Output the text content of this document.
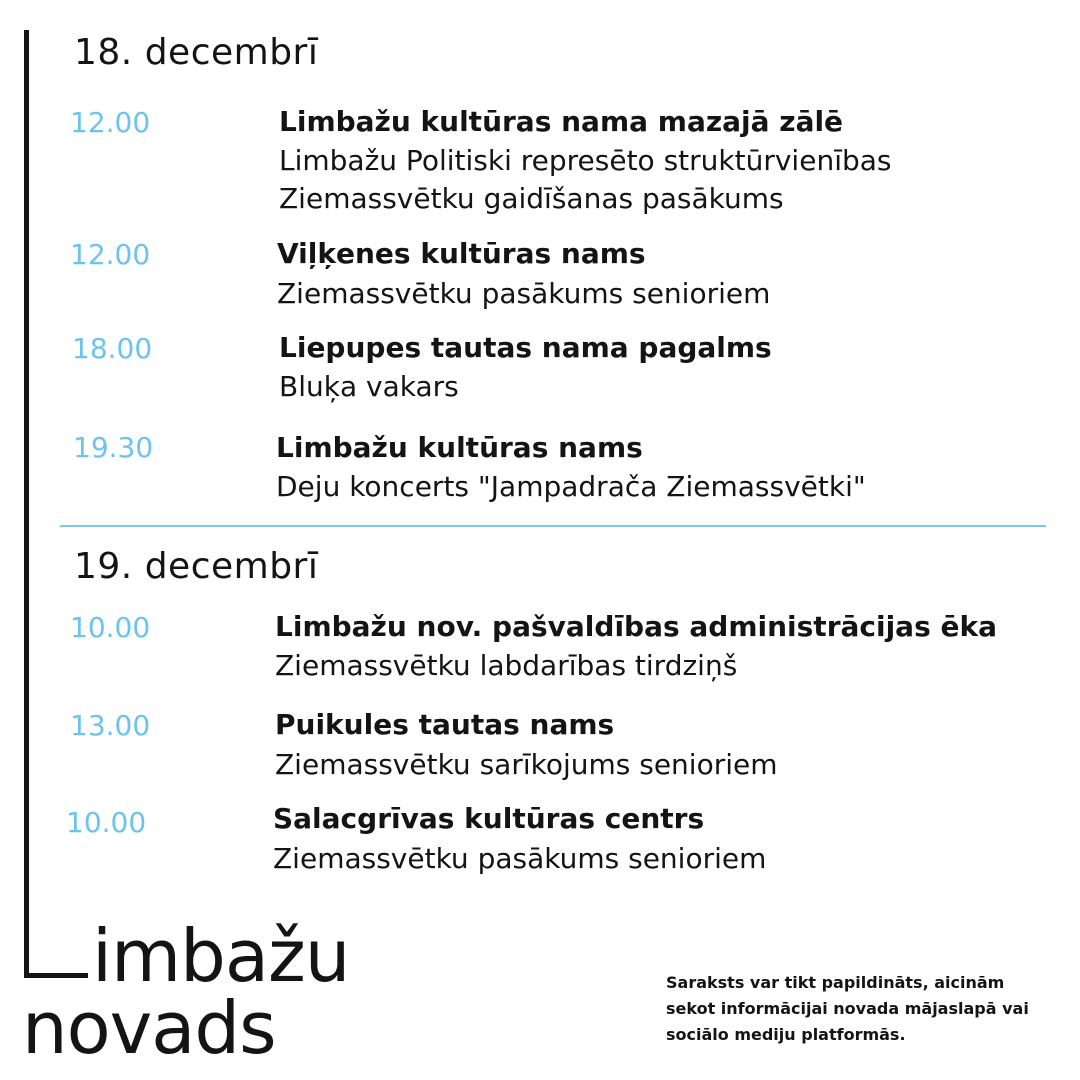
18. decembrī
12.00	Limbažu kultūras nama mazajā zālē
Limbažu Politiski represēto struktūrvienības
Ziemassvētku gaidīšanas pasākums
12.00	Viļķenes kultūras nams
Ziemassvētku pasākums senioriem
18.00	Liepupes tautas nama pagalms
Bluķa vakars
19.30	Limbažu kultūras nams
Deju koncerts "Jampadrača Ziemassvētki"
19. decembrī
10.00	Limbažu nov. pašvaldības administrācijas ēka
Ziemassvētku labdarības tirdziņš
13.00	Puikules tautas nams
Ziemassvētku sarīkojums senioriem
10.00	Salacgrīvas kultūras centrs
Ziemassvētku pasākums senioriem
imbažu
novads
Saraksts var tikt papildināts, aicinām sekot informācijai novada mājaslapā vai sociālo mediju platformās.
